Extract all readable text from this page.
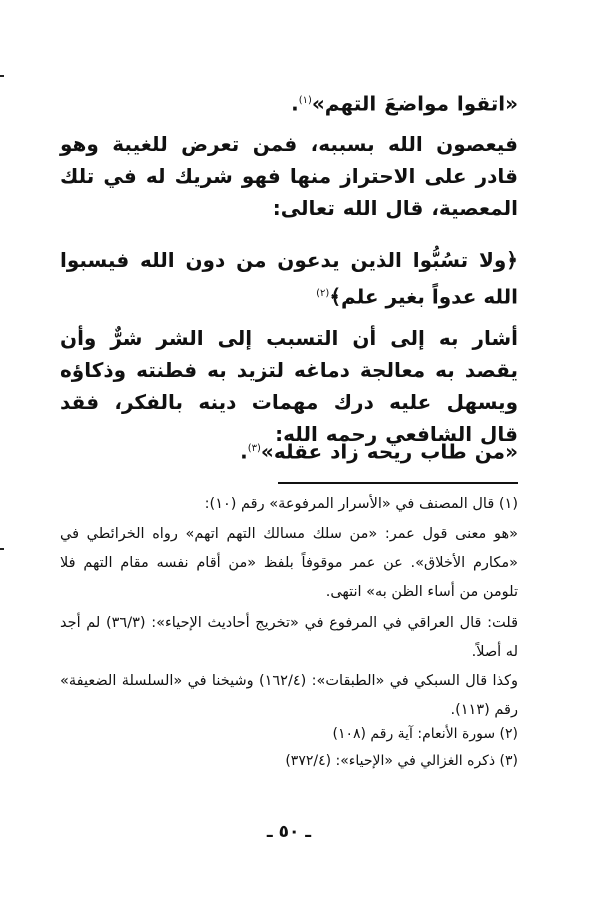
«اتقوا مواضعَ التهم»$^{(١)}$.

فيعصون الله بسببه، فمن تعرض للغيبة وهو قادر على الاحتراز منها فهو شريك له في تلك المعصية، قال الله تعالى:

﴿ولا تسُبُّوا الذين يدعون من دون الله فيسبوا الله عدواً بغير علم﴾$^{(٢)}$

أشار به إلى أن التسبب إلى الشر شرٌّ وأن يقصد به معالجة دماغه لتزيد به فطنته وذكاؤه ويسهل عليه درك مهمات دينه بالفكر، فقد قال الشافعي رحمه الله:

«من طاب ريحه زاد عقله»$^{(٣)}$.

(١) قال المصنف في «الأسرار المرفوعة» رقم (١٠):

«هو معنى قول عمر: «من سلك مسالك التهم اتهم» رواه الخرائطي في «مكارم الأخلاق». عن عمر موقوفاً بلفظ «من أقام نفسه مقام التهم فلا تلومن من أساء الظن به» انتهى.

قلت: قال العراقي في المرفوع في «تخريج أحاديث الإحياء»: (٣٦/٣) لم أجد له أصلاً.

وكذا قال السبكي في «الطبقات»: (١٦٢/٤) وشيخنا في «السلسلة الضعيفة» رقم (١١٣).

(٢) سورة الأنعام: آية رقم (١٠٨)

(٣) ذكره الغزالي في «الإحياء»: (٣٧٢/٤)

ـ ٥٠ ـ
